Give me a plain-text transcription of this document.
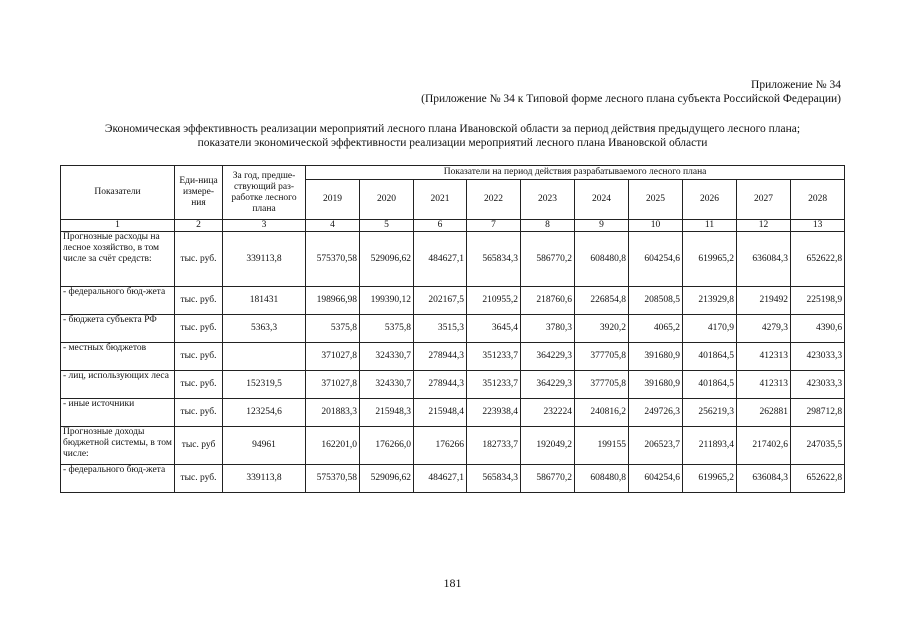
Приложение № 34
(Приложение № 34 к Типовой форме лесного плана субъекта Российской Федерации)
Экономическая эффективность реализации мероприятий лесного плана Ивановской области за период действия предыдущего лесного плана;
показатели экономической эффективности реализации мероприятий лесного плана Ивановской области
Показатели	Еди-ница измере-ния	За год, предше-ствующий раз-работке лесного плана	Показатели на период действия разрабатываемого лесного плана									
			2019	2020	2021	2022	2023	2024	2025	2026	2027	2028
1	2	3	4	5	6	7	8	9	10	11	12	13
Прогнозные расходы на лесное хозяйство, в том числе за счёт средств:	тыс. руб.	339113,8	575370,58	529096,62	484627,1	565834,3	586770,2	608480,8	604254,6	619965,2	636084,3	652622,8
- федерального бюд-жета	тыс. руб.	181431	198966,98	199390,12	202167,5	210955,2	218760,6	226854,8	208508,5	213929,8	219492	225198,9
- бюджета субъекта РФ	тыс. руб.	5363,3	5375,8	5375,8	3515,3	3645,4	3780,3	3920,2	4065,2	4170,9	4279,3	4390,6
- местных бюджетов	тыс. руб.		371027,8	324330,7	278944,3	351233,7	364229,3	377705,8	391680,9	401864,5	412313	423033,3
- лиц, использующих леса	тыс. руб.	152319,5	371027,8	324330,7	278944,3	351233,7	364229,3	377705,8	391680,9	401864,5	412313	423033,3
- иные источники	тыс. руб.	123254,6	201883,3	215948,3	215948,4	223938,4	232224	240816,2	249726,3	256219,3	262881	298712,8
Прогнозные доходы бюджетной системы, в том числе:	тыс. руб	94961	162201,0	176266,0	176266	182733,7	192049,2	199155	206523,7	211893,4	217402,6	247035,5
- федерального бюд-жета	тыс. руб.	339113,8	575370,58	529096,62	484627,1	565834,3	586770,2	608480,8	604254,6	619965,2	636084,3	652622,8
181
